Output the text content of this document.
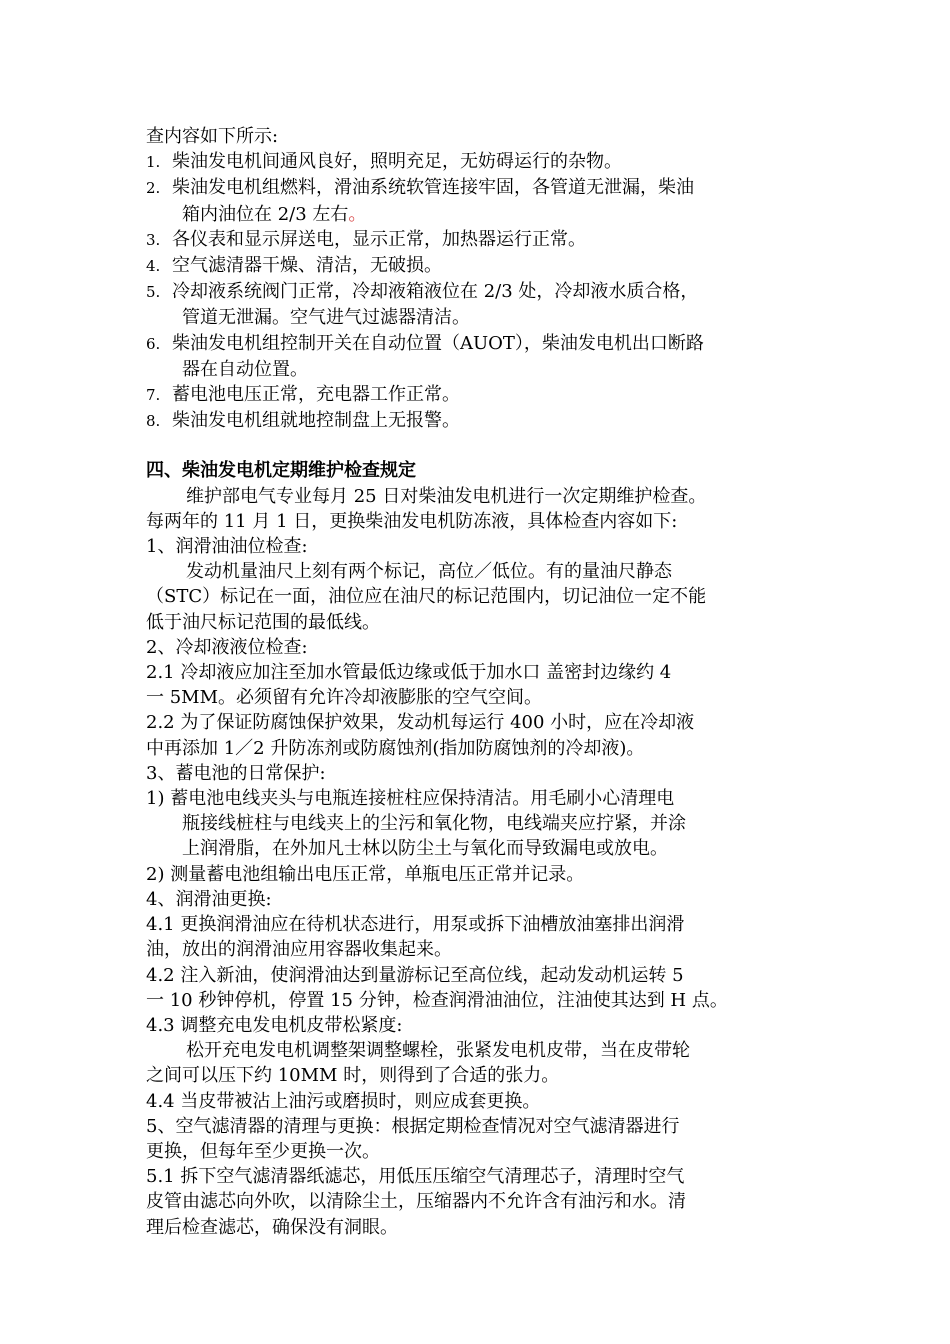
查内容如下所示:
1. 柴油发电机间通风良好，照明充足，无妨碍运行的杂物。
2. 柴油发电机组燃料，滑油系统软管连接牢固，各管道无泄漏，柴油
箱内油位在 2/3 左右。
3. 各仪表和显示屏送电，显示正常，加热器运行正常。
4. 空气滤清器干燥、清洁，无破损。
5. 冷却液系统阀门正常，冷却液箱液位在 2/3 处，冷却液水质合格，
管道无泄漏。空气进气过滤器清洁。
6. 柴油发电机组控制开关在自动位置（AUOT），柴油发电机出口断路
器在自动位置。
7. 蓄电池电压正常，充电器工作正常。
8. 柴油发电机组就地控制盘上无报警。
四、柴油发电机定期维护检查规定
维护部电气专业每月 25 日对柴油发电机进行一次定期维护检查。
每两年的 11 月 1 日，更换柴油发电机防冻液，具体检查内容如下:
1、润滑油油位检查:
发动机量油尺上刻有两个标记，高位／低位。有的量油尺静态
（STC）标记在一面，油位应在油尺的标记范围内，切记油位一定不能
低于油尺标记范围的最低线。
2、冷却液液位检查:
2.1 冷却液应加注至加水管最低边缘或低于加水口 盖密封边缘约 4
一 5MM。必须留有允许冷却液膨胀的空气空间。
2.2 为了保证防腐蚀保护效果，发动机每运行 400 小时，应在冷却液
中再添加 1／2 升防冻剂或防腐蚀剂(指加防腐蚀剂的冷却液)。
3、蓄电池的日常保护:
1) 蓄电池电线夹头与电瓶连接桩柱应保持清洁。用毛刷小心清理电
瓶接线桩柱与电线夹上的尘污和氧化物，电线端夹应拧紧，并涂
上润滑脂，在外加凡士林以防尘土与氧化而导致漏电或放电。
2) 测量蓄电池组输出电压正常，单瓶电压正常并记录。
4、润滑油更换:
4.1 更换润滑油应在待机状态进行，用泵或拆下油槽放油塞排出润滑
油，放出的润滑油应用容器收集起来。
4.2 注入新油，使润滑油达到量游标记至高位线，起动发动机运转 5
一 10 秒钟停机，停置 15 分钟，检查润滑油油位，注油使其达到 H 点。
4.3 调整充电发电机皮带松紧度:
松开充电发电机调整架调整螺栓，张紧发电机皮带，当在皮带轮
之间可以压下约 10MM 时，则得到了合适的张力。
4.4 当皮带被沾上油污或磨损时，则应成套更换。
5、空气滤清器的清理与更换：根据定期检查情况对空气滤清器进行
更换，但每年至少更换一次。
5.1 拆下空气滤清器纸滤芯，用低压压缩空气清理芯子，清理时空气
皮管由滤芯向外吹，以清除尘土，压缩器内不允许含有油污和水。清
理后检查滤芯，确保没有洞眼。
